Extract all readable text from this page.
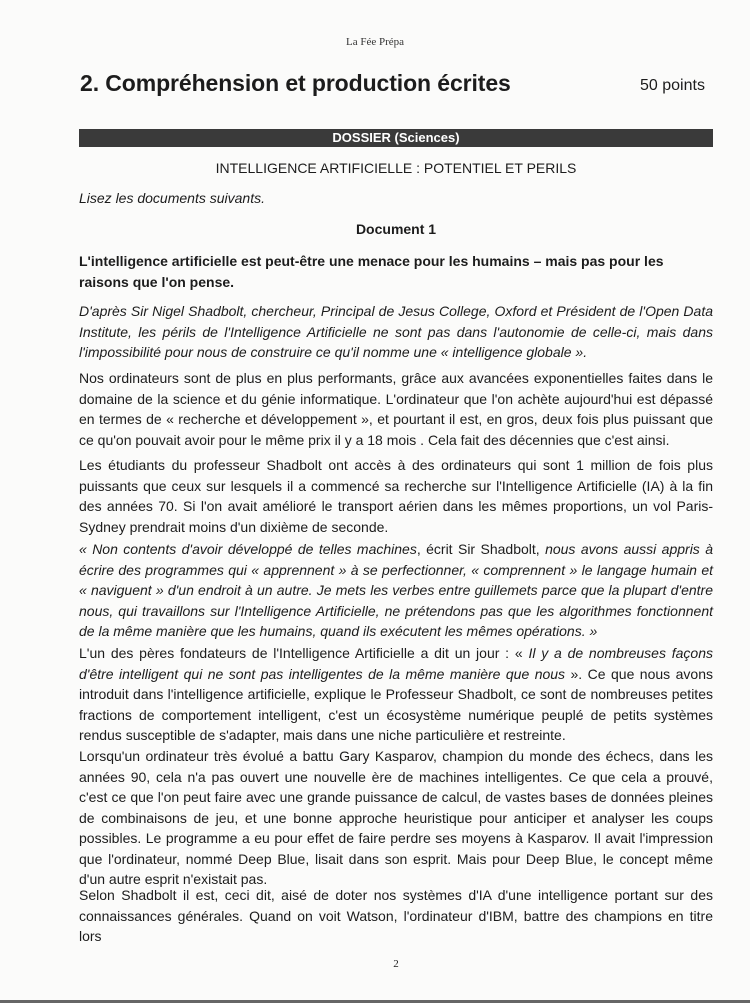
La Fée Prépa
2. Compréhension et production écrites	50 points
DOSSIER (Sciences)
INTELLIGENCE ARTIFICIELLE : POTENTIEL ET PERILS
Lisez les documents suivants.
Document 1

L'intelligence artificielle est peut-être une menace pour les humains – mais pas pour les raisons que l'on pense.

D'après Sir Nigel Shadbolt, chercheur, Principal de Jesus College, Oxford et Président de l'Open Data Institute, les périls de l'Intelligence Artificielle ne sont pas dans l'autonomie de celle-ci, mais dans l'impossibilité pour nous de construire ce qu'il nomme une « intelligence globale ».

Nos ordinateurs sont de plus en plus performants, grâce aux avancées exponentielles faites dans le domaine de la science et du génie informatique. L'ordinateur que l'on achète aujourd'hui est dépassé en termes de « recherche et développement », et pourtant il est, en gros, deux fois plus puissant que ce qu'on pouvait avoir pour le même prix il y a 18 mois . Cela fait des décennies que c'est ainsi.

Les étudiants du professeur Shadbolt ont accès à des ordinateurs qui sont 1 million de fois plus puissants que ceux sur lesquels il a commencé sa recherche sur l'Intelligence Artificielle (IA) à la fin des années 70. Si l'on avait amélioré le transport aérien dans les mêmes proportions, un vol Paris-Sydney prendrait moins d'un dixième de seconde.

« Non contents d'avoir développé de telles machines, écrit Sir Shadbolt, nous avons aussi appris à écrire des programmes qui « apprennent » à se perfectionner, « comprennent » le langage humain et « naviguent » d'un endroit à un autre. Je mets les verbes entre guillemets parce que la plupart d'entre nous, qui travaillons sur l'Intelligence Artificielle, ne prétendons pas que les algorithmes fonctionnent de la même manière que les humains, quand ils exécutent les mêmes opérations. »

L'un des pères fondateurs de l'Intelligence Artificielle a dit un jour : « Il y a de nombreuses façons d'être intelligent qui ne sont pas intelligentes de la même manière que nous ». Ce que nous avons introduit dans l'intelligence artificielle, explique le Professeur Shadbolt, ce sont de nombreuses petites fractions de comportement intelligent, c'est un écosystème numérique peuplé de petits systèmes rendus susceptible de s'adapter, mais dans une niche particulière et restreinte.

Lorsqu'un ordinateur très évolué a battu Gary Kasparov, champion du monde des échecs, dans les années 90, cela n'a pas ouvert une nouvelle ère de machines intelligentes. Ce que cela a prouvé, c'est ce que l'on peut faire avec une grande puissance de calcul, de vastes bases de données pleines de combinaisons de jeu, et une bonne approche heuristique pour anticiper et analyser les coups possibles. Le programme a eu pour effet de faire perdre ses moyens à Kasparov. Il avait l'impression que l'ordinateur, nommé Deep Blue, lisait dans son esprit. Mais pour Deep Blue, le concept même d'un autre esprit n'existait pas.

Selon Shadbolt il est, ceci dit, aisé de doter nos systèmes d'IA d'une intelligence portant sur des connaissances générales. Quand on voit Watson, l'ordinateur d'IBM, battre des champions en titre lors

2
